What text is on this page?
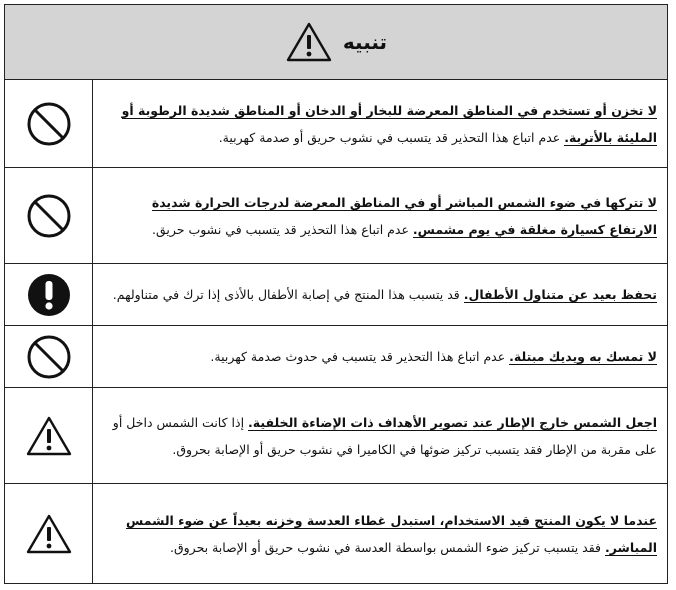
تنبيه	

	لا تخزن أو تستخدم في المناطق المعرضة للبخار أو الدخان أو المناطق شديدة الرطوبة أو المليئة بالأتربة. عدم اتباع هذا التحذير قد يتسبب في نشوب حريق أو صدمة كهربية.

	لا تتركها في ضوء الشمس المباشر أو في المناطق المعرضة لدرجات الحرارة شديدة الارتفاع كسيارة مغلقة في يوم مشمس. عدم اتباع هذا التحذير قد يتسبب في نشوب حريق.

	تحفظ بعيد عن متناول الأطفال. قد يتسبب هذا المنتج في إصابة الأطفال بالأذى إذا ترك في متناولهم.

	لا تمسك به ويديك مبتلة. عدم اتباع هذا التحذير قد يتسبب في حدوث صدمة كهربية.

	اجعل الشمس خارج الإطار عند تصوير الأهداف ذات الإضاءة الخلفية. إذا كانت الشمس داخل أو على مقربة من الإطار فقد يتسبب تركيز ضوئها في الكاميرا في نشوب حريق أو الإصابة بحروق.

	عندما لا يكون المنتج قيد الاستخدام، استبدل غطاء العدسة وخزنه بعيداً عن ضوء الشمس المباشر. فقد يتسبب تركيز ضوء الشمس بواسطة العدسة في نشوب حريق أو الإصابة بحروق.
